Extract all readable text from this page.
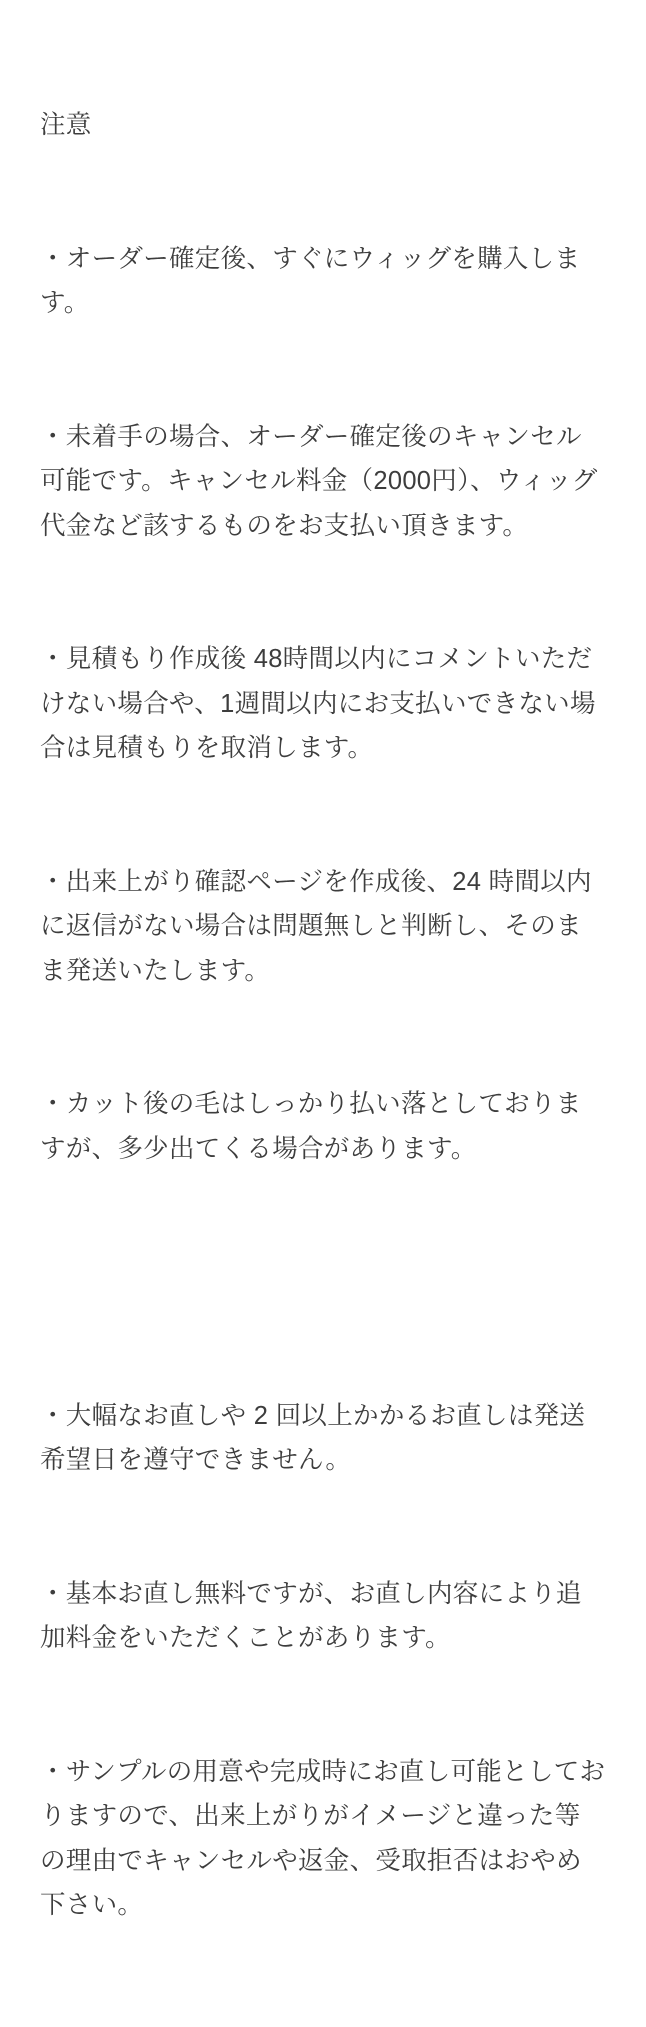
注意

・オーダー確定後、すぐにウィッグを購入します。

・未着手の場合、オーダー確定後のキャンセル可能です。キャンセル料金（2000円）、ウィッグ代金など該するものをお支払い頂きます。

・見積もり作成後 48時間以内にコメントいただけない場合や、1週間以内にお支払いできない場合は見積もりを取消します。

・出来上がり確認ページを作成後、24 時間以内に返信がない場合は問題無しと判断し、そのまま発送いたします。

・カット後の毛はしっかり払い落としておりますが、多少出てくる場合があります。

・大幅なお直しや 2 回以上かかるお直しは発送希望日を遵守できません。

・基本お直し無料ですが、お直し内容により追加料金をいただくことがあります。

・サンプルの用意や完成時にお直し可能としておりますので、出来上がりがイメージと違った等の理由でキャンセルや返金、受取拒否はおやめ下さい。
